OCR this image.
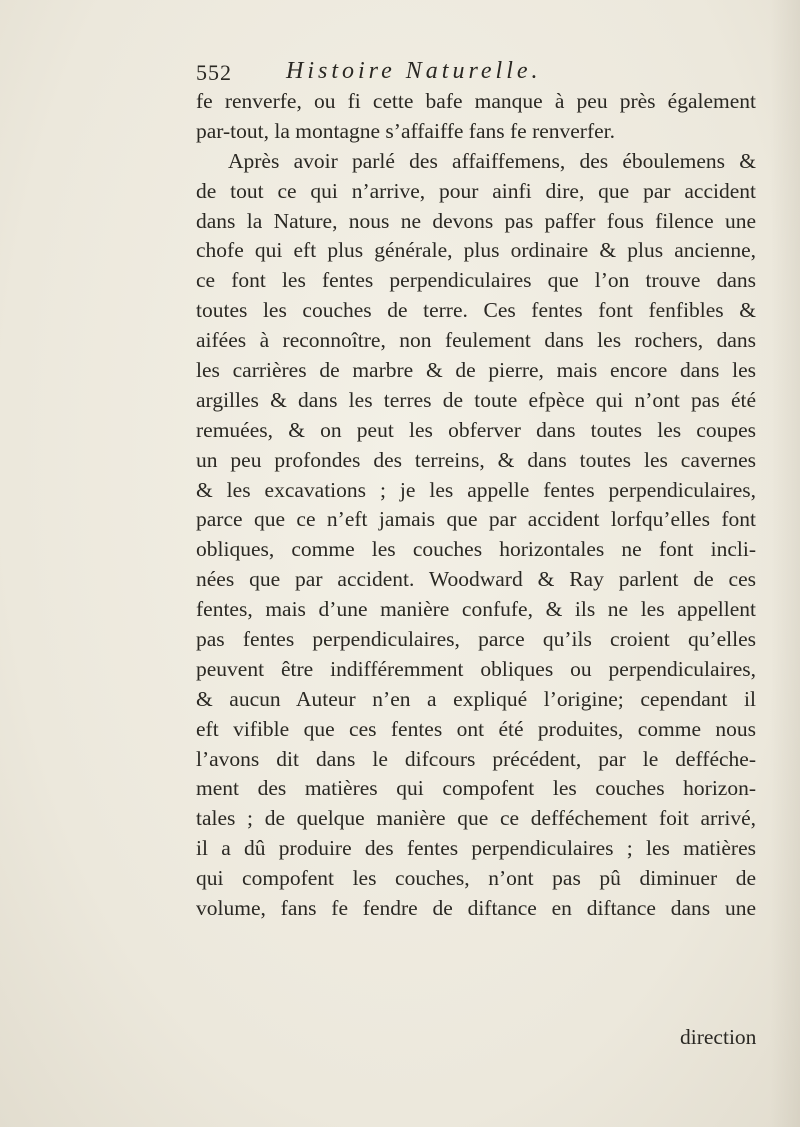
552 Histoire Naturelle.
fe renverfe, ou fi cette bafe manque à peu près également
par-tout, la montagne s’affaiffe fans fe renverfer.
Après avoir parlé des affaiffemens, des éboulemens &
de tout ce qui n’arrive, pour ainfi dire, que par accident
dans la Nature, nous ne devons pas paffer fous filence une
chofe qui eft plus générale, plus ordinaire & plus ancienne,
ce font les fentes perpendiculaires que l’on trouve dans
toutes les couches de terre. Ces fentes font fenfibles &
aifées à reconnoître, non feulement dans les rochers, dans
les carrières de marbre & de pierre, mais encore dans les
argilles & dans les terres de toute efpèce qui n’ont pas été
remuées, & on peut les obferver dans toutes les coupes
un peu profondes des terreins, & dans toutes les cavernes
& les excavations ; je les appelle fentes perpendiculaires,
parce que ce n’eft jamais que par accident lorfqu’elles font
obliques, comme les couches horizontales ne font incli-
nées que par accident. Woodward & Ray parlent de ces
fentes, mais d’une manière confufe, & ils ne les appellent
pas fentes perpendiculaires, parce qu’ils croient qu’elles
peuvent être indifféremment obliques ou perpendiculaires,
& aucun Auteur n’en a expliqué l’origine; cependant il
eft vifible que ces fentes ont été produites, comme nous
l’avons dit dans le difcours précédent, par le defféche-
ment des matières qui compofent les couches horizon-
tales ; de quelque manière que ce defféchement foit arrivé,
il a dû produire des fentes perpendiculaires ; les matières
qui compofent les couches, n’ont pas pû diminuer de
volume, fans fe fendre de diftance en diftance dans une
direction
